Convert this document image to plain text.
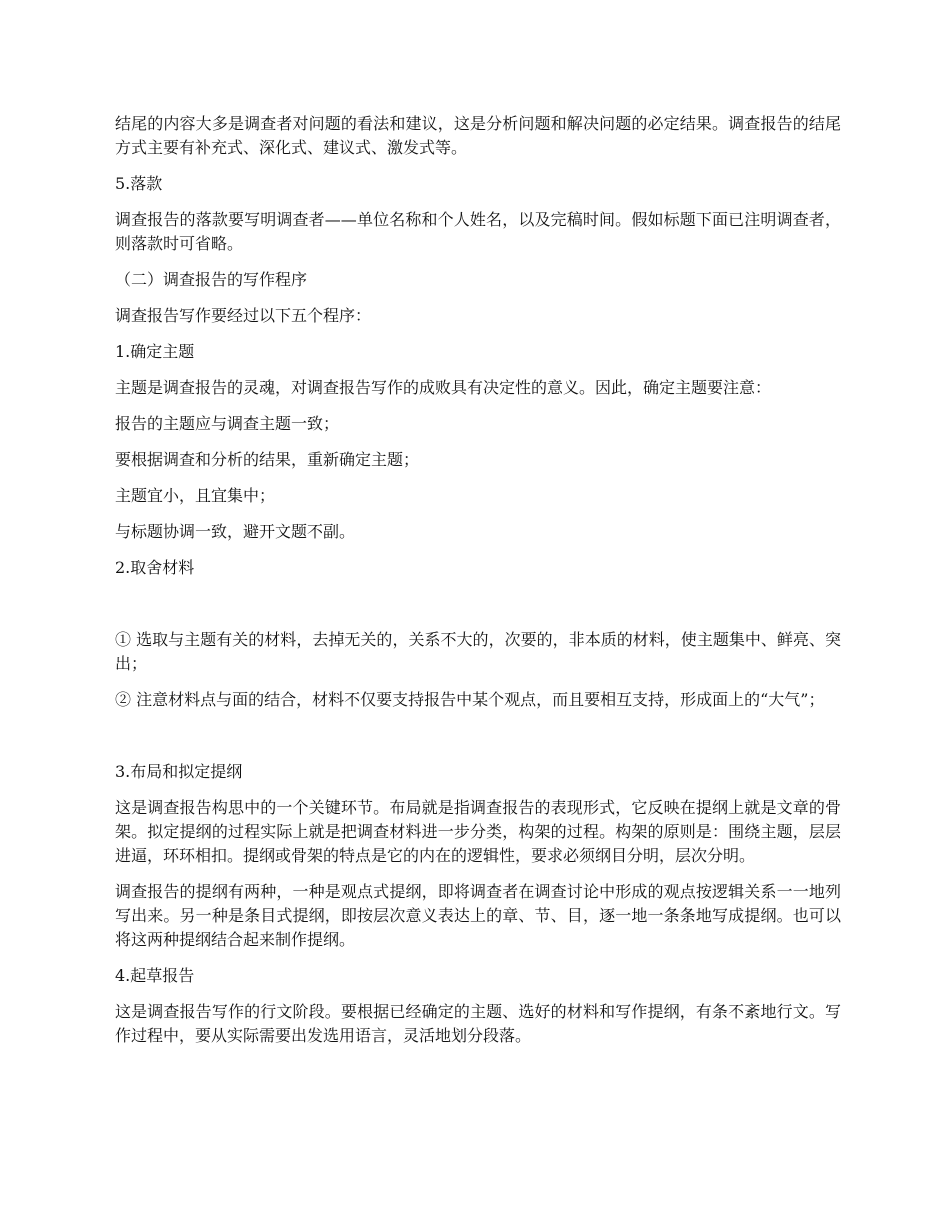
结尾的内容大多是调查者对问题的看法和建议，这是分析问题和解决问题的必定结果。调查报告的结尾方式主要有补充式、深化式、建议式、激发式等。

5.落款

调查报告的落款要写明调查者——单位名称和个人姓名，以及完稿时间。假如标题下面已注明调查者，则落款时可省略。

（二）调查报告的写作程序

调查报告写作要经过以下五个程序：

1.确定主题

主题是调查报告的灵魂，对调查报告写作的成败具有决定性的意义。因此，确定主题要注意：

报告的主题应与调查主题一致；

要根据调查和分析的结果，重新确定主题；

主题宜小，且宜集中；

与标题协调一致，避开文题不副。

2.取舍材料

① 选取与主题有关的材料，去掉无关的，关系不大的，次要的，非本质的材料，使主题集中、鲜亮、突出；

② 注意材料点与面的结合，材料不仅要支持报告中某个观点，而且要相互支持，形成面上的“大气”；

3.布局和拟定提纲

这是调查报告构思中的一个关键环节。布局就是指调查报告的表现形式，它反映在提纲上就是文章的骨架。拟定提纲的过程实际上就是把调查材料进一步分类，构架的过程。构架的原则是：围绕主题，层层进逼，环环相扣。提纲或骨架的特点是它的内在的逻辑性，要求必须纲目分明，层次分明。

调查报告的提纲有两种，一种是观点式提纲，即将调查者在调查讨论中形成的观点按逻辑关系一一地列写出来。另一种是条目式提纲，即按层次意义表达上的章、节、目，逐一地一条条地写成提纲。也可以将这两种提纲结合起来制作提纲。

4.起草报告

这是调查报告写作的行文阶段。要根据已经确定的主题、选好的材料和写作提纲，有条不紊地行文。写作过程中，要从实际需要出发选用语言，灵活地划分段落。
